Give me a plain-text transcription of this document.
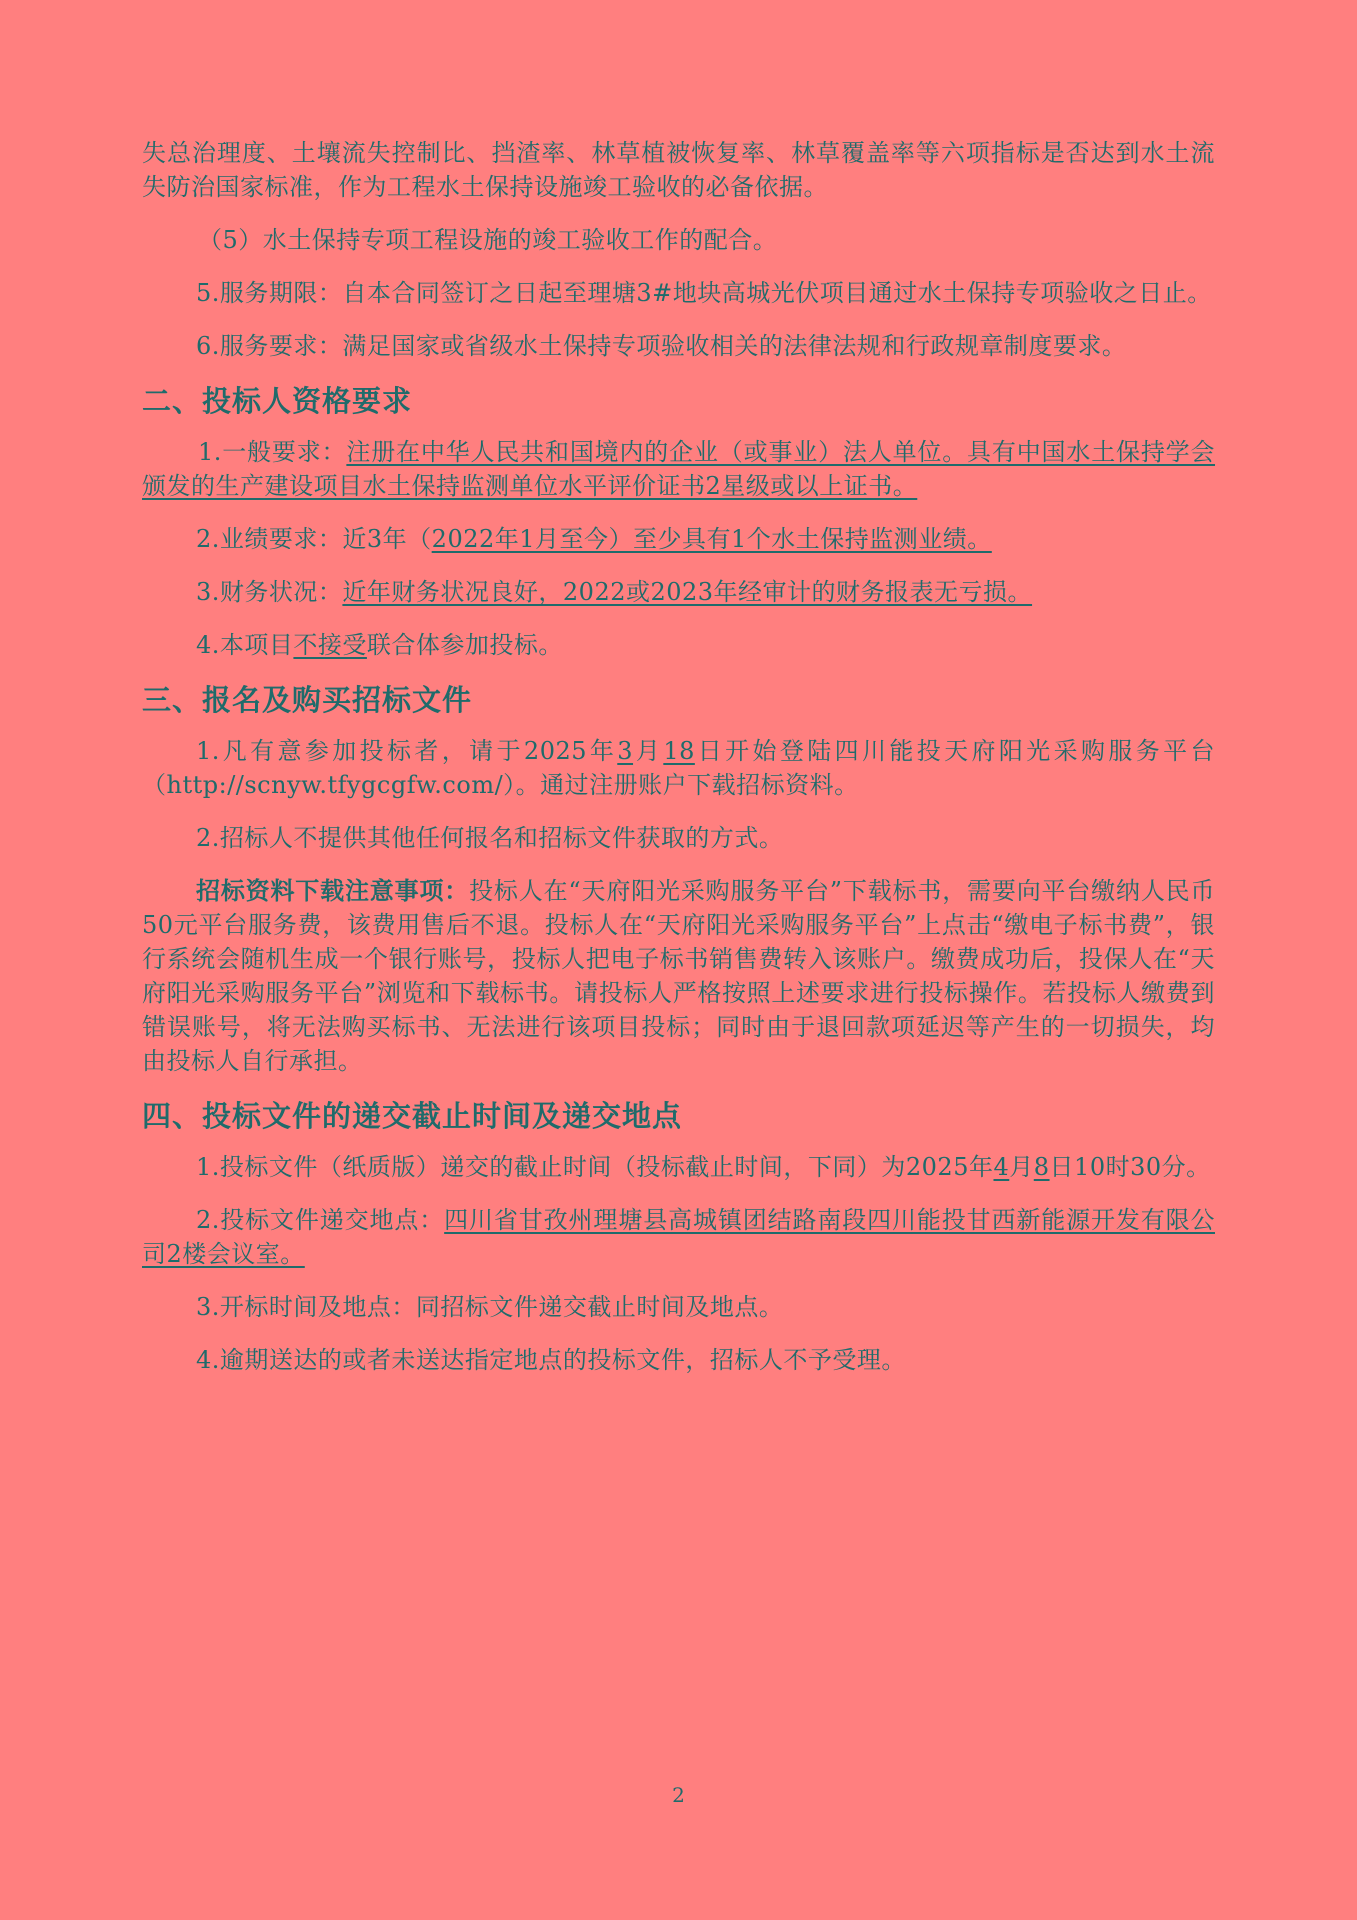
失总治理度、土壤流失控制比、挡渣率、林草植被恢复率、林草覆盖率等六项指标是否达到水土流失防治国家标准，作为工程水土保持设施竣工验收的必备依据。

（5）水土保持专项工程设施的竣工验收工作的配合。

5.服务期限：自本合同签订之日起至理塘3#地块高城光伏项目通过水土保持专项验收之日止。

6.服务要求：满足国家或省级水土保持专项验收相关的法律法规和行政规章制度要求。

二、投标人资格要求

1.一般要求：注册在中华人民共和国境内的企业（或事业）法人单位。具有中国水土保持学会颁发的生产建设项目水土保持监测单位水平评价证书2星级或以上证书。

2.业绩要求：近3年（2022年1月至今）至少具有1个水土保持监测业绩。

3.财务状况：近年财务状况良好，2022或2023年经审计的财务报表无亏损。

4.本项目不接受联合体参加投标。

三、报名及购买招标文件

1.凡有意参加投标者，请于2025年3月18日开始登陆四川能投天府阳光采购服务平台（http://scnyw.tfygcgfw.com/）。通过注册账户下载招标资料。

2.招标人不提供其他任何报名和招标文件获取的方式。

招标资料下载注意事项：投标人在“天府阳光采购服务平台”下载标书，需要向平台缴纳人民币50元平台服务费，该费用售后不退。投标人在“天府阳光采购服务平台”上点击“缴电子标书费”，银行系统会随机生成一个银行账号，投标人把电子标书销售费转入该账户。缴费成功后，投保人在“天府阳光采购服务平台”浏览和下载标书。请投标人严格按照上述要求进行投标操作。若投标人缴费到错误账号，将无法购买标书、无法进行该项目投标；同时由于退回款项延迟等产生的一切损失，均由投标人自行承担。

四、投标文件的递交截止时间及递交地点

1.投标文件（纸质版）递交的截止时间（投标截止时间，下同）为2025年4月8日10时30分。

2.投标文件递交地点：四川省甘孜州理塘县高城镇团结路南段四川能投甘西新能源开发有限公司2楼会议室。

3.开标时间及地点：同招标文件递交截止时间及地点。

4.逾期送达的或者未送达指定地点的投标文件，招标人不予受理。

2
